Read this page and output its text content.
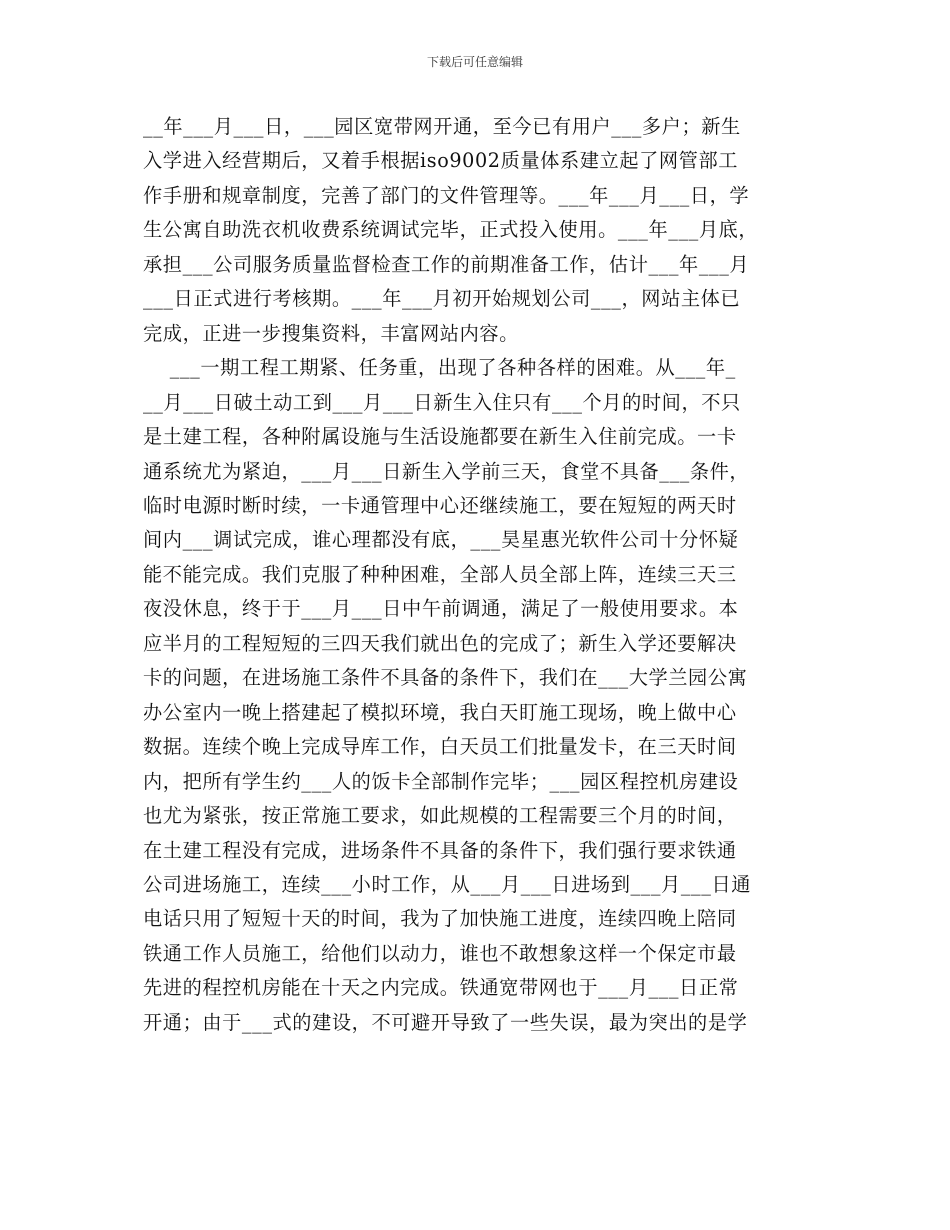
下载后可任意编辑
__年___月___日，___园区宽带网开通，至今已有用户___多户；新生
入学进入经营期后，又着手根据iso9002质量体系建立起了网管部工
作手册和规章制度，完善了部门的文件管理等。___年___月___日，学
生公寓自助洗衣机收费系统调试完毕，正式投入使用。___年___月底，
承担___公司服务质量监督检查工作的前期准备工作，估计___年___月
___日正式进行考核期。___年___月初开始规划公司___，网站主体已
完成，正进一步搜集资料，丰富网站内容。
___一期工程工期紧、任务重，出现了各种各样的困难。从___年_
__月___日破土动工到___月___日新生入住只有___个月的时间，不只
是土建工程，各种附属设施与生活设施都要在新生入住前完成。一卡
通系统尤为紧迫，___月___日新生入学前三天，食堂不具备___条件，
临时电源时断时续，一卡通管理中心还继续施工，要在短短的两天时
间内___调试完成，谁心理都没有底，___昊星惠光软件公司十分怀疑
能不能完成。我们克服了种种困难，全部人员全部上阵，连续三天三
夜没休息，终于于___月___日中午前调通，满足了一般使用要求。本
应半月的工程短短的三四天我们就出色的完成了；新生入学还要解决
卡的问题，在进场施工条件不具备的条件下，我们在___大学兰园公寓
办公室内一晚上搭建起了模拟环境，我白天盯施工现场，晚上做中心
数据。连续个晚上完成导库工作，白天员工们批量发卡，在三天时间
内，把所有学生约___人的饭卡全部制作完毕；___园区程控机房建设
也尤为紧张，按正常施工要求，如此规模的工程需要三个月的时间，
在土建工程没有完成，进场条件不具备的条件下，我们强行要求铁通
公司进场施工，连续___小时工作，从___月___日进场到___月___日通
电话只用了短短十天的时间，我为了加快施工进度，连续四晚上陪同
铁通工作人员施工，给他们以动力，谁也不敢想象这样一个保定市最
先进的程控机房能在十天之内完成。铁通宽带网也于___月___日正常
开通；由于___式的建设，不可避开导致了一些失误，最为突出的是学
